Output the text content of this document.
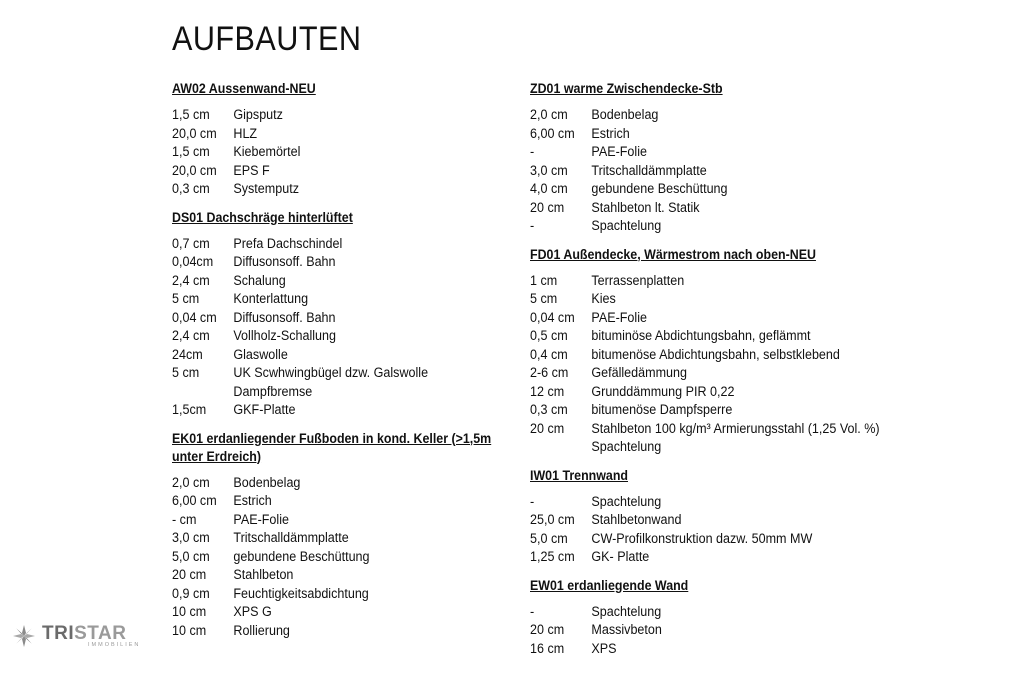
AUFBAUTEN
AW02 Aussenwand-NEU
1,5 cm	Gipsputz
20,0 cm	HLZ
1,5 cm	Kiebemörtel
20,0 cm	EPS F
0,3 cm	Systemputz
DS01 Dachschräge hinterlüftet
0,7 cm	Prefa Dachschindel
0,04cm	Diffusonsoff. Bahn
2,4 cm	Schalung
5 cm	Konterlattung
0,04 cm	Diffusonsoff. Bahn
2,4 cm	Vollholz-Schallung
24cm	Glaswolle
5 cm	UK Scwhwingbügel dzw. Galswolle
Dampfbremse
1,5cm	GKF-Platte
EK01 erdanliegender Fußboden in kond. Keller (>1,5m unter Erdreich)
2,0 cm	Bodenbelag
6,00 cm	Estrich
- cm	PAE-Folie
3,0 cm	Tritschalldämmplatte
5,0 cm	gebundene Beschüttung
20 cm	Stahlbeton
0,9 cm	Feuchtigkeitsabdichtung
10 cm	XPS G
10 cm	Rollierung
ZD01 warme Zwischendecke-Stb
2,0 cm	Bodenbelag
6,00 cm	Estrich
-	PAE-Folie
3,0 cm	Tritschalldämmplatte
4,0 cm	gebundene Beschüttung
20 cm	Stahlbeton lt. Statik
-	Spachtelung
FD01 Außendecke, Wärmestrom nach oben-NEU
1 cm	Terrassenplatten
5 cm	Kies
0,04 cm	PAE-Folie
0,5 cm	bituminöse Abdichtungsbahn, geflämmt
0,4 cm	bitumenöse Abdichtungsbahn, selbstklebend
2-6 cm	Gefälledämmung
12 cm	Grunddämmung PIR 0,22
0,3 cm	bitumenöse Dampfsperre
20 cm	Stahlbeton 100 kg/m³ Armierungsstahl (1,25 Vol. %)
Spachtelung
IW01 Trennwand
-	Spachtelung
25,0 cm	Stahlbetonwand
5,0 cm	CW-Profilkonstruktion dazw. 50mm MW
1,25 cm	GK- Platte
EW01 erdanliegende Wand
-	Spachtelung
20 cm	Massivbeton
16 cm	XPS
TRISTAR
IMMOBILIEN
